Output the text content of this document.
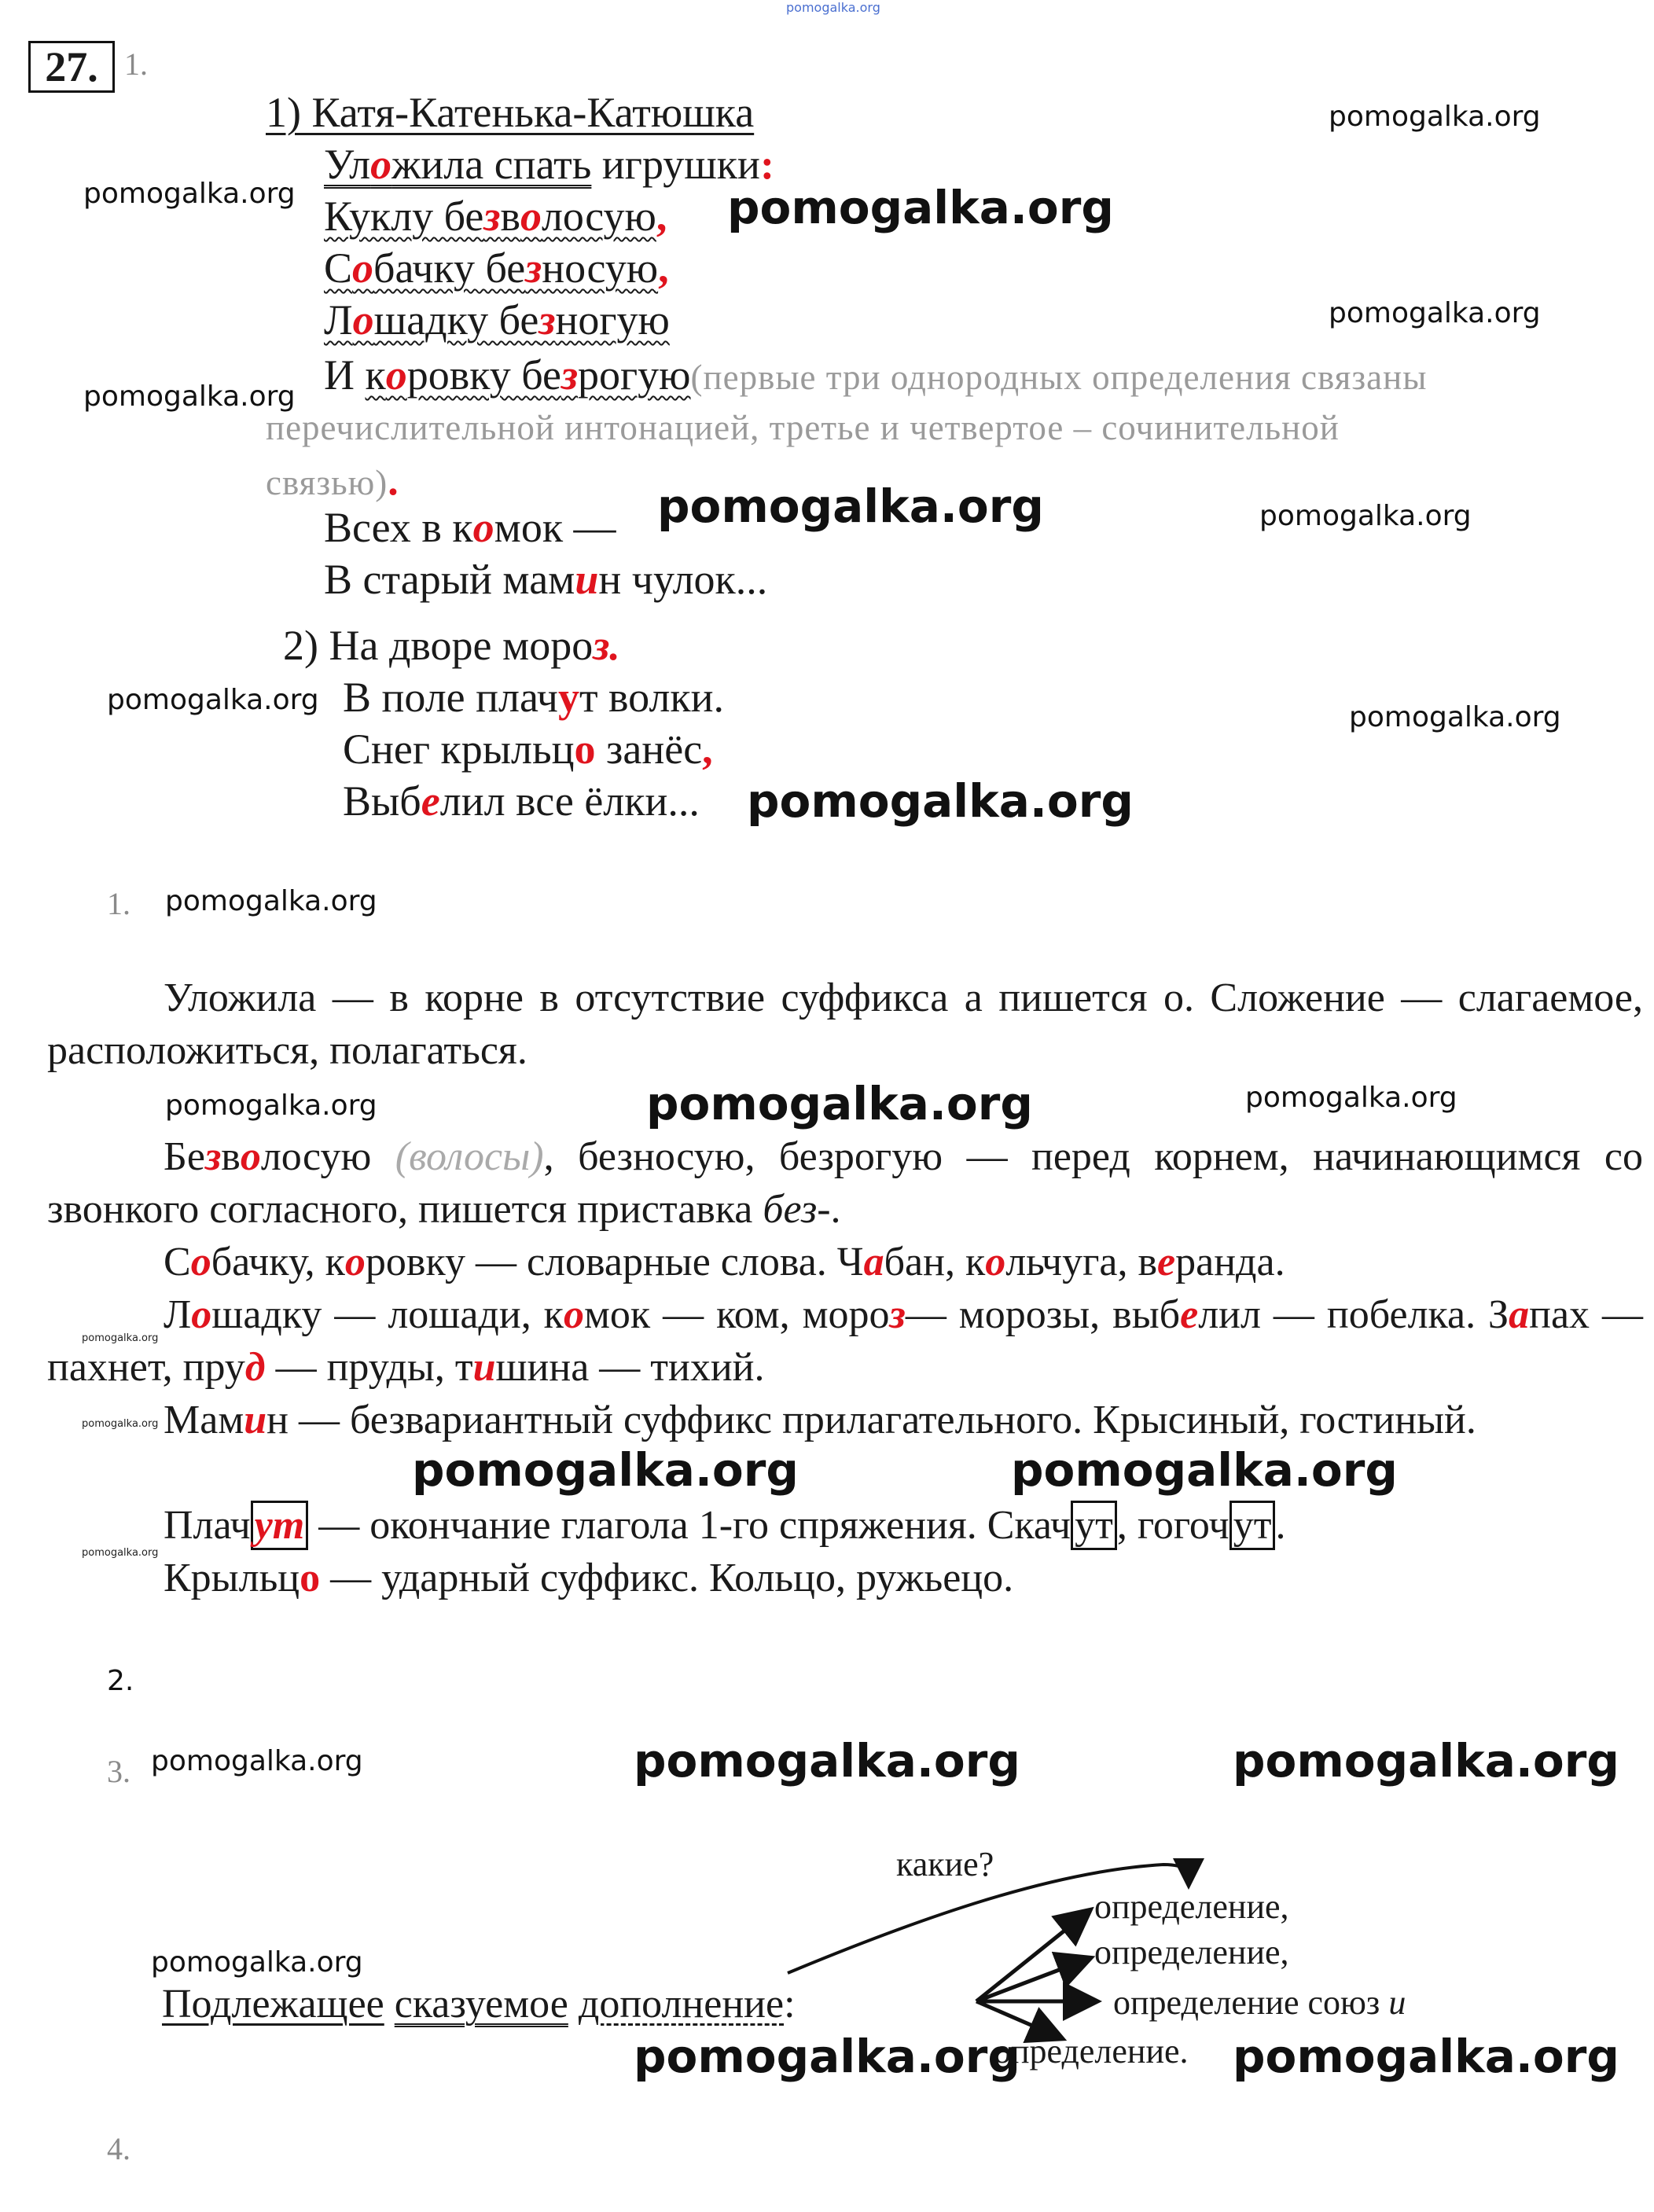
pomogalka.org
27. 1.
1) Катя-Катенька-Катюшка
Уложила спать игрушки:
Куклу безволосую, pomogalka.org
Собачку безносую,
Лошадку безногую
И коровку безрогую(первые три однородных определения связаны
перечислительной интонацией, третье и четвертое – сочинительной
связью).
Всех в комок — pomogalka.org
В старый мамин чулок...
2) На дворе мороз.
В поле плачут волки.
Снег крыльцо занёс,
Выбелил все ёлки... pomogalka.org
pomogalka.org
pomogalka.org
pomogalka.org
pomogalka.org
pomogalka.org
pomogalka.org
pomogalka.org
1. pomogalka.org
Уложила — в корне в отсутствие суффикса а пишется о. Сложение — слагаемое, расположиться, полагаться.
pomogalka.org	pomogalka.org	pomogalka.org
Безволосую (волосы), безносую, безрогую — перед корнем, начинающимся со звонкого согласного, пишется приставка без-.
Собачку, коровку — словарные слова. Чабан, кольчуга, веранда.
Лошадку — лошади, комок — ком, мороз— морозы, выбелил — побелка. Запах — пахнет, пруд — пруды, тишина — тихий.
Мамин — безвариантный суффикс прилагательного. Крысиный, гостиный.
pomogalka.org	pomogalka.org
Плачут — окончание глагола 1-го спряжения. Скачут, гогочут.
Крыльцо — ударный суффикс. Кольцо, ружьецо.
pomogalka.org
pomogalka.org
pomogalka.org
2.
3. pomogalka.org	pomogalka.org	pomogalka.org
какие?
pomogalka.org
Подлежащее сказуемое дополнение:
определение,
определение,
определение союз и
определение.
pomogalka.org	pomogalka.org
4.
